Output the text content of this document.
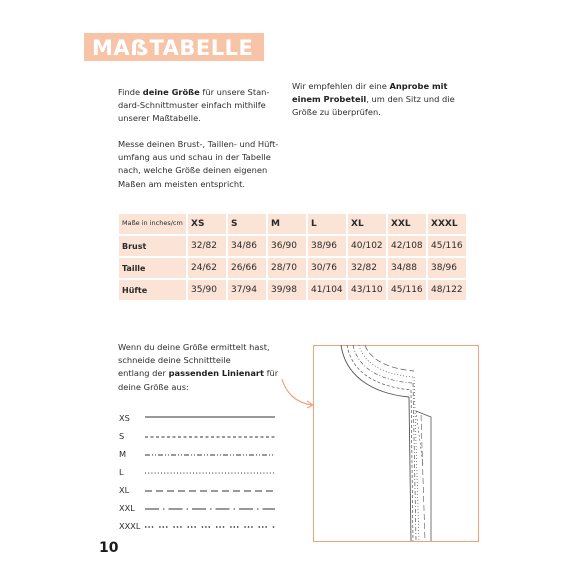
MAẞTABELLE
Finde deine Größe für unsere Stan-
dard-Schnittmuster einfach mithilfe
unserer Maßtabelle.
Messe deinen Brust-, Taillen- und Hüft-
umfang aus und schau in der Tabelle
nach, welche Größe deinen eigenen
Maßen am meisten entspricht.
Wir empfehlen dir eine Anprobe mit
einem Probeteil, um den Sitz und die
Größe zu überprüfen.
Maße in inches/cm	XS	S	M	L	XL	XXL	XXXL
Brust	32/82	34/86	36/90	38/96	40/102	42/108	45/116
Taille	24/62	26/66	28/70	30/76	32/82	34/88	38/96
Hüfte	35/90	37/94	39/98	41/104	43/110	45/116	48/122
Wenn du deine Größe ermittelt hast,
schneide deine Schnittteile
entlang der passenden Linienart für
deine Größe aus:
XS
S
M
L
XL
XXL
XXXL
10
